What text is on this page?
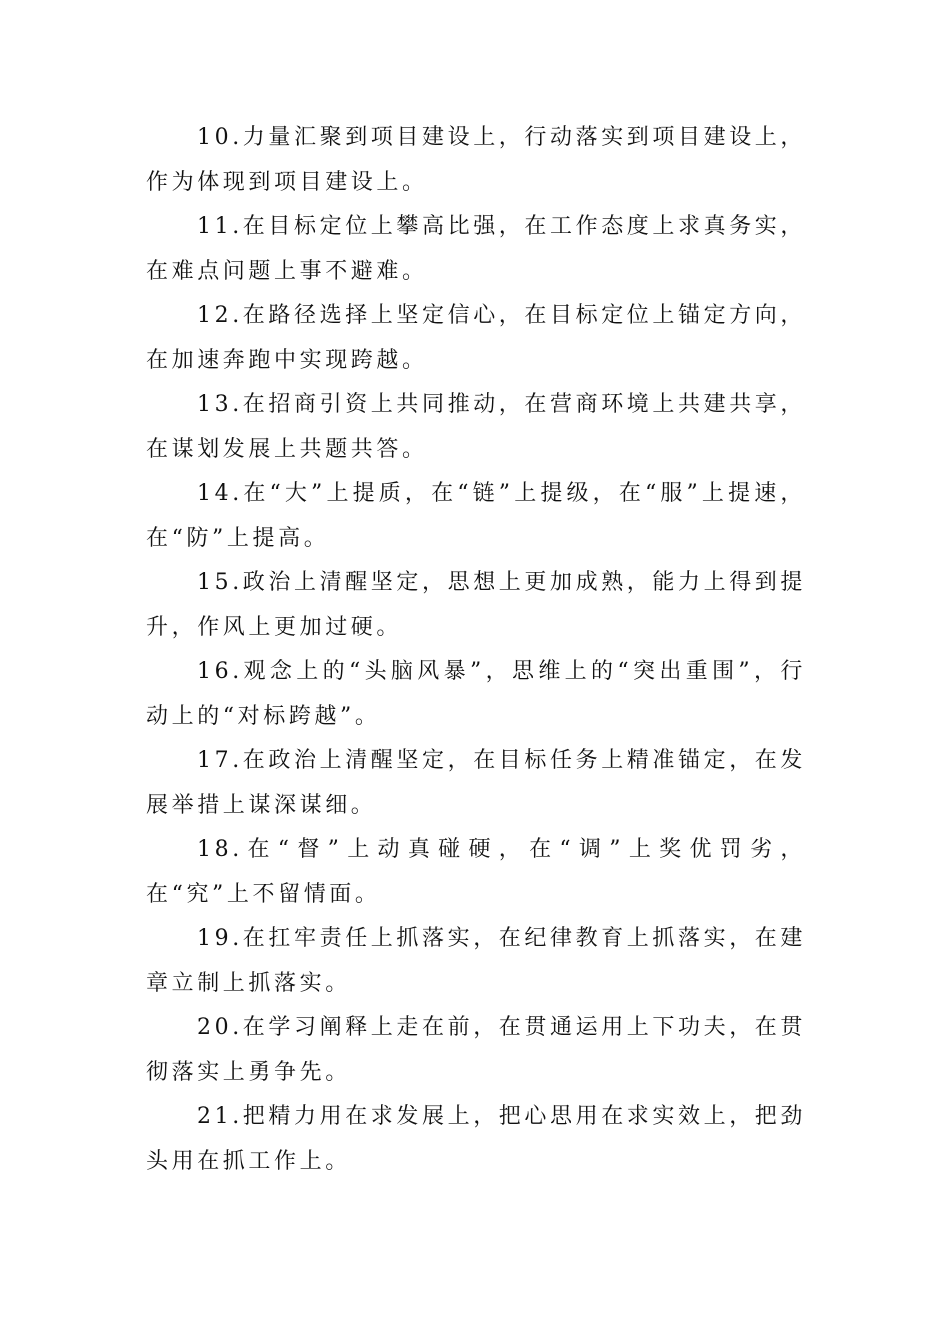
10.力量汇聚到项目建设上，行动落实到项目建设上，作为体现到项目建设上。

11.在目标定位上攀高比强，在工作态度上求真务实，在难点问题上事不避难。

12.在路径选择上坚定信心，在目标定位上锚定方向，在加速奔跑中实现跨越。

13.在招商引资上共同推动，在营商环境上共建共享，在谋划发展上共题共答。

14.在“大”上提质，在“链”上提级，在“服”上提速，在“防”上提高。

15.政治上清醒坚定，思想上更加成熟，能力上得到提升，作风上更加过硬。

16.观念上的“头脑风暴”，思维上的“突出重围”，行动上的“对标跨越”。

17.在政治上清醒坚定，在目标任务上精准锚定，在发展举措上谋深谋细。

18.在“督”上动真碰硬，在“调”上奖优罚劣，在“究”上不留情面。

19.在扛牢责任上抓落实，在纪律教育上抓落实，在建章立制上抓落实。

20.在学习阐释上走在前，在贯通运用上下功夫，在贯彻落实上勇争先。

21.把精力用在求发展上，把心思用在求实效上，把劲头用在抓工作上。
